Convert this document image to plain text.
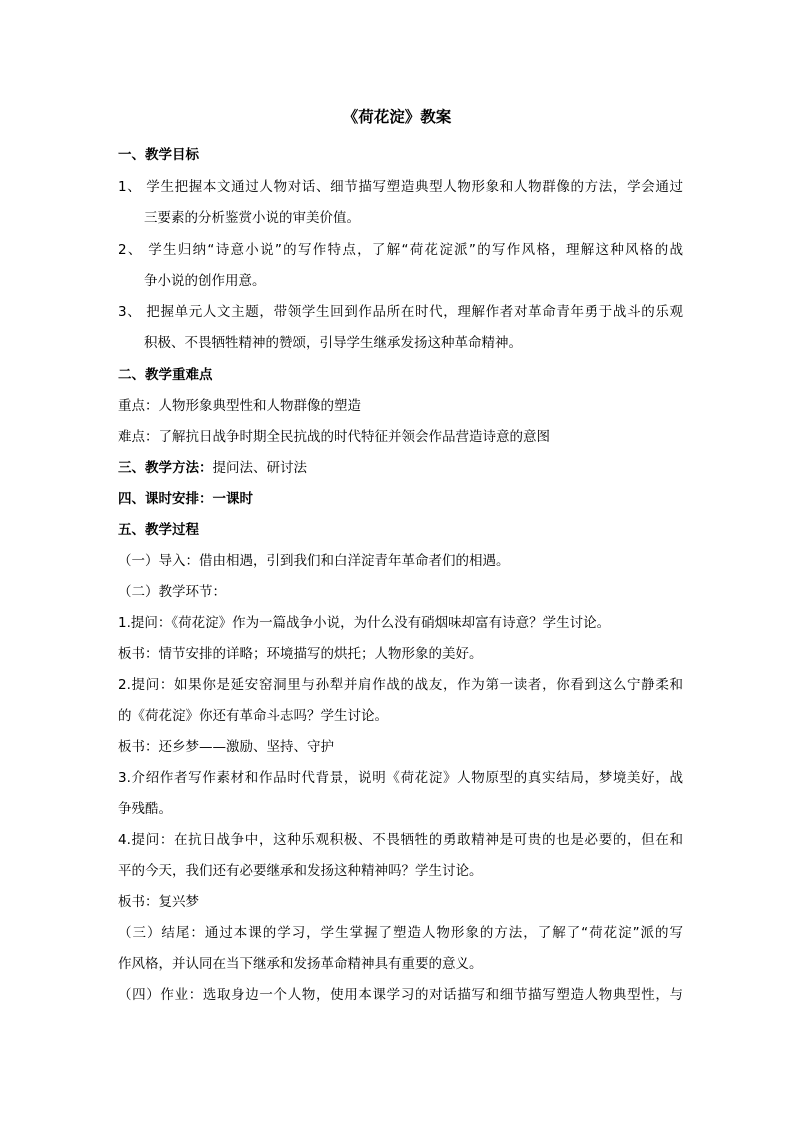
《荷花淀》教案
一、教学目标
1、 学生把握本文通过人物对话、细节描写塑造典型人物形象和人物群像的方法，学会通过
三要素的分析鉴赏小说的审美价值。
2、 学生归纳“诗意小说”的写作特点，了解“荷花淀派”的写作风格，理解这种风格的战
争小说的创作用意。
3、 把握单元人文主题，带领学生回到作品所在时代，理解作者对革命青年勇于战斗的乐观
积极、不畏牺牲精神的赞颂，引导学生继承发扬这种革命精神。
二、教学重难点
重点：人物形象典型性和人物群像的塑造
难点：了解抗日战争时期全民抗战的时代特征并领会作品营造诗意的意图
三、教学方法：提问法、研讨法
四、课时安排：一课时
五、教学过程
（一）导入：借由相遇，引到我们和白洋淀青年革命者们的相遇。
（二）教学环节：
1.提问：《荷花淀》作为一篇战争小说，为什么没有硝烟味却富有诗意？学生讨论。
板书：情节安排的详略；环境描写的烘托；人物形象的美好。
2.提问：如果你是延安窑洞里与孙犁并肩作战的战友，作为第一读者，你看到这么宁静柔和
的《荷花淀》你还有革命斗志吗？学生讨论。
板书：还乡梦——激励、坚持、守护
3.介绍作者写作素材和作品时代背景，说明《荷花淀》人物原型的真实结局，梦境美好，战
争残酷。
4.提问：在抗日战争中，这种乐观积极、不畏牺牲的勇敢精神是可贵的也是必要的，但在和
平的今天，我们还有必要继承和发扬这种精神吗？学生讨论。
板书：复兴梦
（三）结尾：通过本课的学习，学生掌握了塑造人物形象的方法，了解了“荷花淀”派的写
作风格，并认同在当下继承和发扬革命精神具有重要的意义。
（四）作业：选取身边一个人物，使用本课学习的对话描写和细节描写塑造人物典型性，与
